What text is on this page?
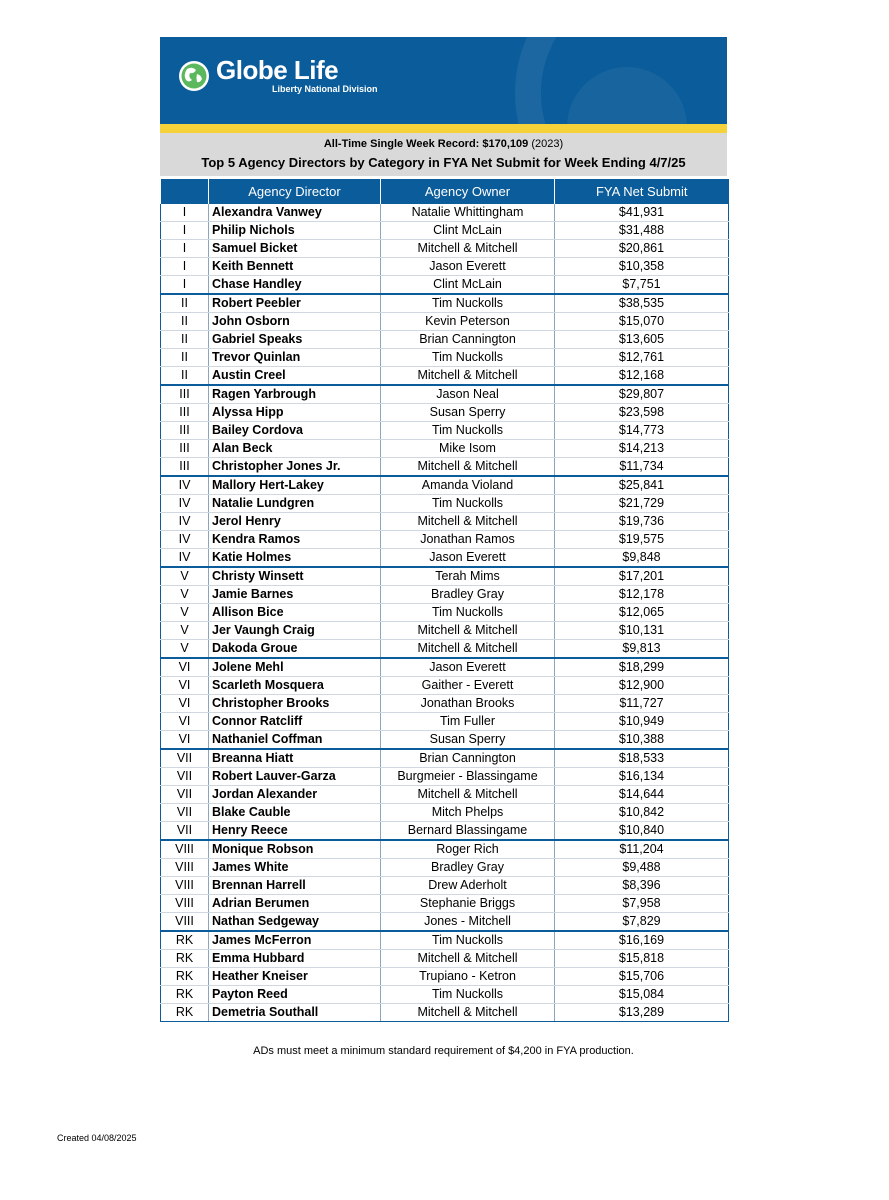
Globe Life
Liberty National Division
All-Time Single Week Record: $170,109 (2023)
Top 5 Agency Directors by Category in FYA Net Submit for Week Ending 4/7/25
	Agency Director	Agency Owner	FYA Net Submit
I	Alexandra Vanwey	Natalie Whittingham	$41,931
I	Philip Nichols	Clint McLain	$31,488
I	Samuel Bicket	Mitchell & Mitchell	$20,861
I	Keith Bennett	Jason Everett	$10,358
I	Chase Handley	Clint McLain	$7,751
II	Robert Peebler	Tim Nuckolls	$38,535
II	John Osborn	Kevin Peterson	$15,070
II	Gabriel Speaks	Brian Cannington	$13,605
II	Trevor Quinlan	Tim Nuckolls	$12,761
II	Austin Creel	Mitchell & Mitchell	$12,168
III	Ragen Yarbrough	Jason Neal	$29,807
III	Alyssa Hipp	Susan Sperry	$23,598
III	Bailey Cordova	Tim Nuckolls	$14,773
III	Alan Beck	Mike Isom	$14,213
III	Christopher Jones Jr.	Mitchell & Mitchell	$11,734
IV	Mallory Hert-Lakey	Amanda Violand	$25,841
IV	Natalie Lundgren	Tim Nuckolls	$21,729
IV	Jerol Henry	Mitchell & Mitchell	$19,736
IV	Kendra Ramos	Jonathan Ramos	$19,575
IV	Katie Holmes	Jason Everett	$9,848
V	Christy Winsett	Terah Mims	$17,201
V	Jamie Barnes	Bradley Gray	$12,178
V	Allison Bice	Tim Nuckolls	$12,065
V	Jer Vaungh Craig	Mitchell & Mitchell	$10,131
V	Dakoda Groue	Mitchell & Mitchell	$9,813
VI	Jolene Mehl	Jason Everett	$18,299
VI	Scarleth Mosquera	Gaither - Everett	$12,900
VI	Christopher Brooks	Jonathan Brooks	$11,727
VI	Connor Ratcliff	Tim Fuller	$10,949
VI	Nathaniel Coffman	Susan Sperry	$10,388
VII	Breanna Hiatt	Brian Cannington	$18,533
VII	Robert Lauver-Garza	Burgmeier - Blassingame	$16,134
VII	Jordan Alexander	Mitchell & Mitchell	$14,644
VII	Blake Cauble	Mitch Phelps	$10,842
VII	Henry Reece	Bernard Blassingame	$10,840
VIII	Monique Robson	Roger Rich	$11,204
VIII	James White	Bradley Gray	$9,488
VIII	Brennan Harrell	Drew Aderholt	$8,396
VIII	Adrian Berumen	Stephanie Briggs	$7,958
VIII	Nathan Sedgeway	Jones - Mitchell	$7,829
RK	James McFerron	Tim Nuckolls	$16,169
RK	Emma Hubbard	Mitchell & Mitchell	$15,818
RK	Heather Kneiser	Trupiano - Ketron	$15,706
RK	Payton Reed	Tim Nuckolls	$15,084
RK	Demetria Southall	Mitchell & Mitchell	$13,289
ADs must meet a minimum standard requirement of $4,200 in FYA production.
Created 04/08/2025
